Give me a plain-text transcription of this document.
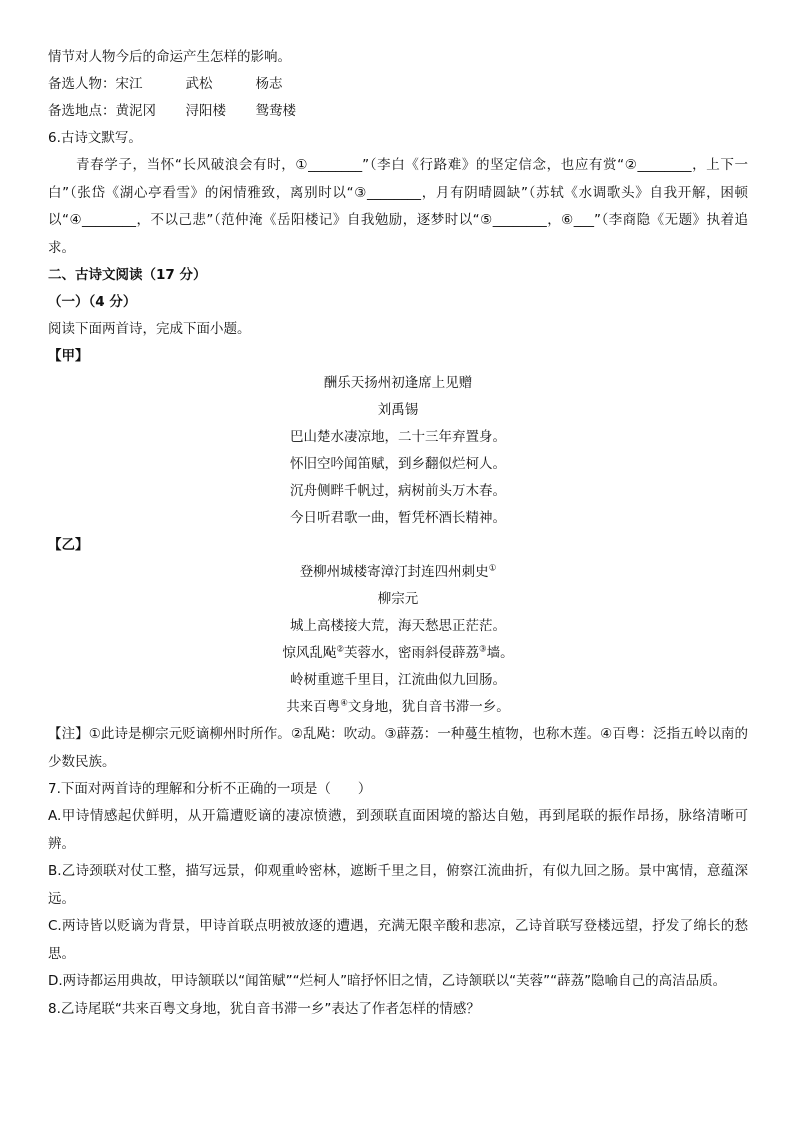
情节对人物今后的命运产生怎样的影响。

备选人物： 宋江	武松	杨志
备选地点： 黄泥冈	浔阳楼	鸳鸯楼

6.古诗文默写。

青春学子，当怀“长风破浪会有时，①________”（李白《行路难》的坚定信念，也应有赏“②________，上下一白”（张岱《湖心亭看雪》的闲情雅致，离别时以“③________，月有阴晴圆缺”（苏轼《水调歌头》自我开解，困顿以“④________，不以己悲”（范仲淹《岳阳楼记》自我勉励，逐梦时以“⑤________，⑥___”（李商隐《无题》执着追求。

二、古诗文阅读（17 分）

（一）（4 分）

阅读下面两首诗，完成下面小题。

【甲】

酬乐天扬州初逢席上见赠

刘禹锡

巴山楚水凄凉地，二十三年弃置身。

怀旧空吟闻笛赋，到乡翻似烂柯人。

沉舟侧畔千帆过，病树前头万木春。

今日听君歌一曲，暂凭杯酒长精神。

【乙】

登柳州城楼寄漳汀封连四州刺史①

柳宗元

城上高楼接大荒，海天愁思正茫茫。

惊风乱飐②芙蓉水，密雨斜侵薜荔③墙。

岭树重遮千里目，江流曲似九回肠。

共来百粤④文身地，犹自音书滞一乡。

【注】①此诗是柳宗元贬谪柳州时所作。②乱飐：吹动。③薜荔：一种蔓生植物，也称木莲。④百粤：泛指五岭以南的少数民族。

7.下面对两首诗的理解和分析不正确的一项是（　　）

A.甲诗情感起伏鲜明，从开篇遭贬谪的凄凉愤懑，到颈联直面困境的豁达自勉，再到尾联的振作昂扬，脉络清晰可辨。

B.乙诗颈联对仗工整，描写远景，仰观重岭密林，遮断千里之目，俯察江流曲折，有似九回之肠。景中寓情，意蕴深远。

C.两诗皆以贬谪为背景，甲诗首联点明被放逐的遭遇，充满无限辛酸和悲凉，乙诗首联写登楼远望，抒发了绵长的愁思。

D.两诗都运用典故，甲诗颔联以“闻笛赋”“烂柯人”暗抒怀旧之情，乙诗颔联以“芙蓉”“薜荔”隐喻自己的高洁品质。

8.乙诗尾联“共来百粤文身地，犹自音书滞一乡”表达了作者怎样的情感？
